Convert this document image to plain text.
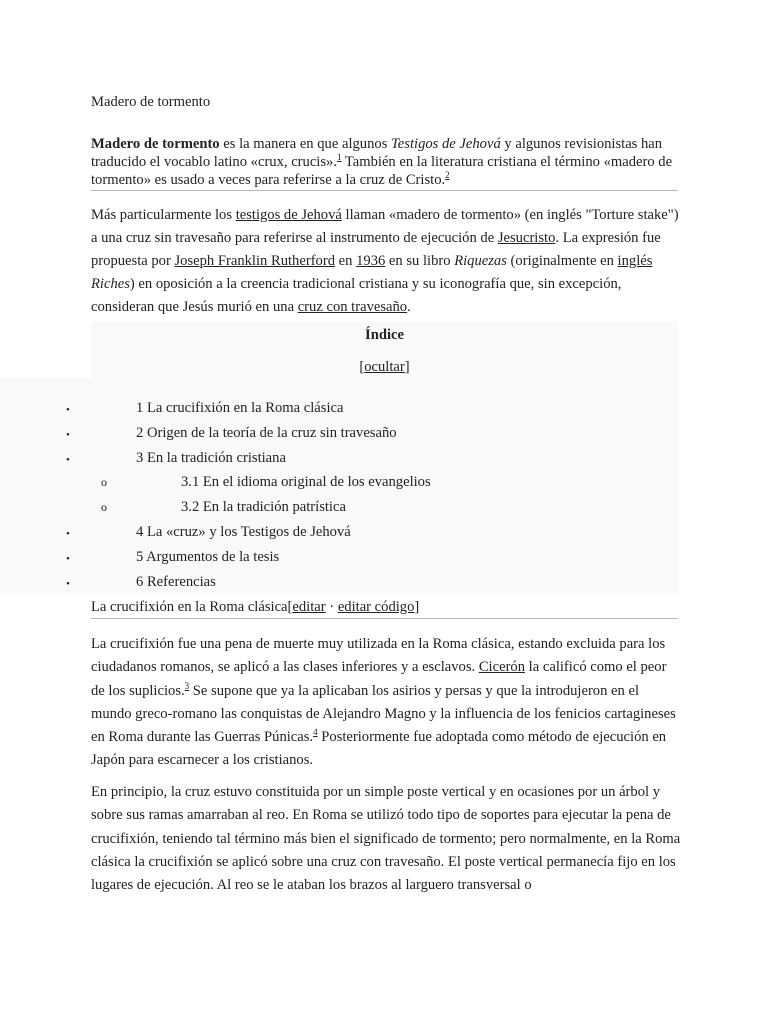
Madero de tormento
Madero de tormento es la manera en que algunos Testigos de Jehová y algunos revisionistas han traducido el vocablo latino «crux, crucis».$^1$ También en la literatura cristiana el término «madero de tormento» es usado a veces para referirse a la cruz de Cristo.$^2$
Más particularmente los testigos de Jehová llaman «madero de tormento» (en inglés "Torture stake") a una cruz sin travesaño para referirse al instrumento de ejecución de Jesucristo. La expresión fue propuesta por Joseph Franklin Rutherford en 1936 en su libro Riquezas (originalmente en inglés Riches) en oposición a la creencia tradicional cristiana y su iconografía que, sin excepción, consideran que Jesús murió en una cruz con travesaño.
Índice
[ocultar]
•	1 La crucifixión en la Roma clásica
•	2 Origen de la teoría de la cruz sin travesaño
•	3 En la tradición cristiana
o	3.1 En el idioma original de los evangelios
o	3.2 En la tradición patrística
•	4 La «cruz» y los Testigos de Jehová
•	5 Argumentos de la tesis
•	6 Referencias
La crucifixión en la Roma clásica[editar · editar código]
La crucifixión fue una pena de muerte muy utilizada en la Roma clásica, estando excluida para los ciudadanos romanos, se aplicó a las clases inferiores y a esclavos. Cicerón la calificó como el peor de los suplicios.$^3$ Se supone que ya la aplicaban los asirios y persas y que la introdujeron en el mundo greco-romano las conquistas de Alejandro Magno y la influencia de los fenicios cartagineses en Roma durante las Guerras Púnicas.$^4$ Posteriormente fue adoptada como método de ejecución en Japón para escarnecer a los cristianos.
En principio, la cruz estuvo constituida por un simple poste vertical y en ocasiones por un árbol y sobre sus ramas amarraban al reo. En Roma se utilizó todo tipo de soportes para ejecutar la pena de crucifixión, teniendo tal término más bien el significado de tormento; pero normalmente, en la Roma clásica la crucifixión se aplicó sobre una cruz con travesaño. El poste vertical permanecía fijo en los lugares de ejecución. Al reo se le ataban los brazos al larguero transversal o
